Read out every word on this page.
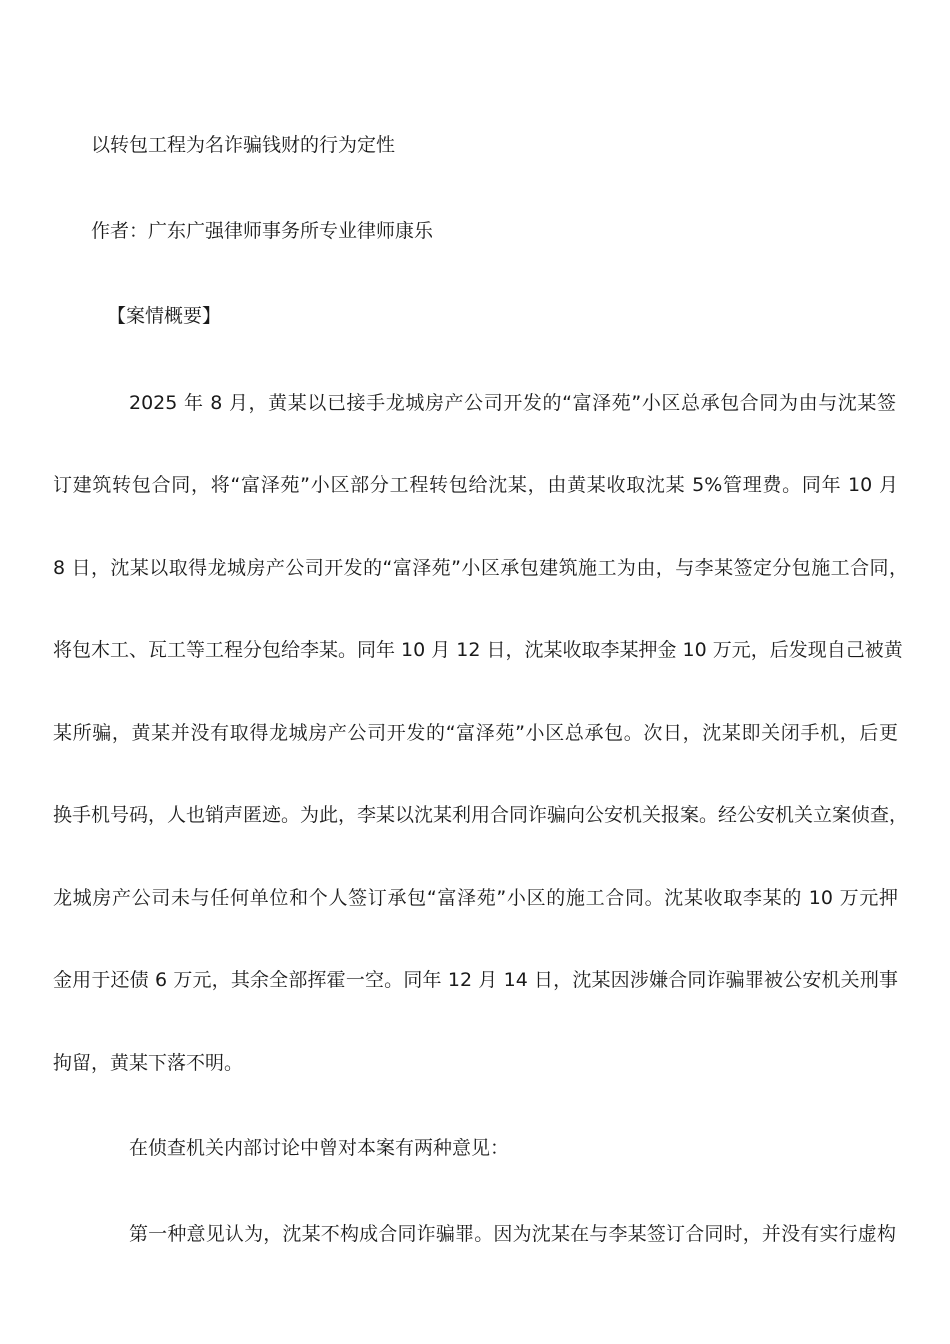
以转包工程为名诈骗钱财的行为定性
作者：广东广强律师事务所专业律师康乐
【案情概要】
2025 年 8 月，黄某以已接手龙城房产公司开发的“富泽苑”小区总承包合同为由与沈某签
订建筑转包合同，将“富泽苑”小区部分工程转包给沈某，由黄某收取沈某 5%管理费。同年 10 月
8 日，沈某以取得龙城房产公司开发的“富泽苑”小区承包建筑施工为由，与李某签定分包施工合同，
将包木工、瓦工等工程分包给李某。同年 10 月 12 日，沈某收取李某押金 10 万元，后发现自己被黄
某所骗，黄某并没有取得龙城房产公司开发的“富泽苑”小区总承包。次日，沈某即关闭手机，后更
换手机号码，人也销声匿迹。为此，李某以沈某利用合同诈骗向公安机关报案。经公安机关立案侦查，
龙城房产公司未与任何单位和个人签订承包“富泽苑”小区的施工合同。沈某收取李某的 10 万元押
金用于还债 6 万元，其余全部挥霍一空。同年 12 月 14 日，沈某因涉嫌合同诈骗罪被公安机关刑事
拘留，黄某下落不明。
在侦查机关内部讨论中曾对本案有两种意见：
第一种意见认为，沈某不构成合同诈骗罪。因为沈某在与李某签订合同时，并没有实行虚构
